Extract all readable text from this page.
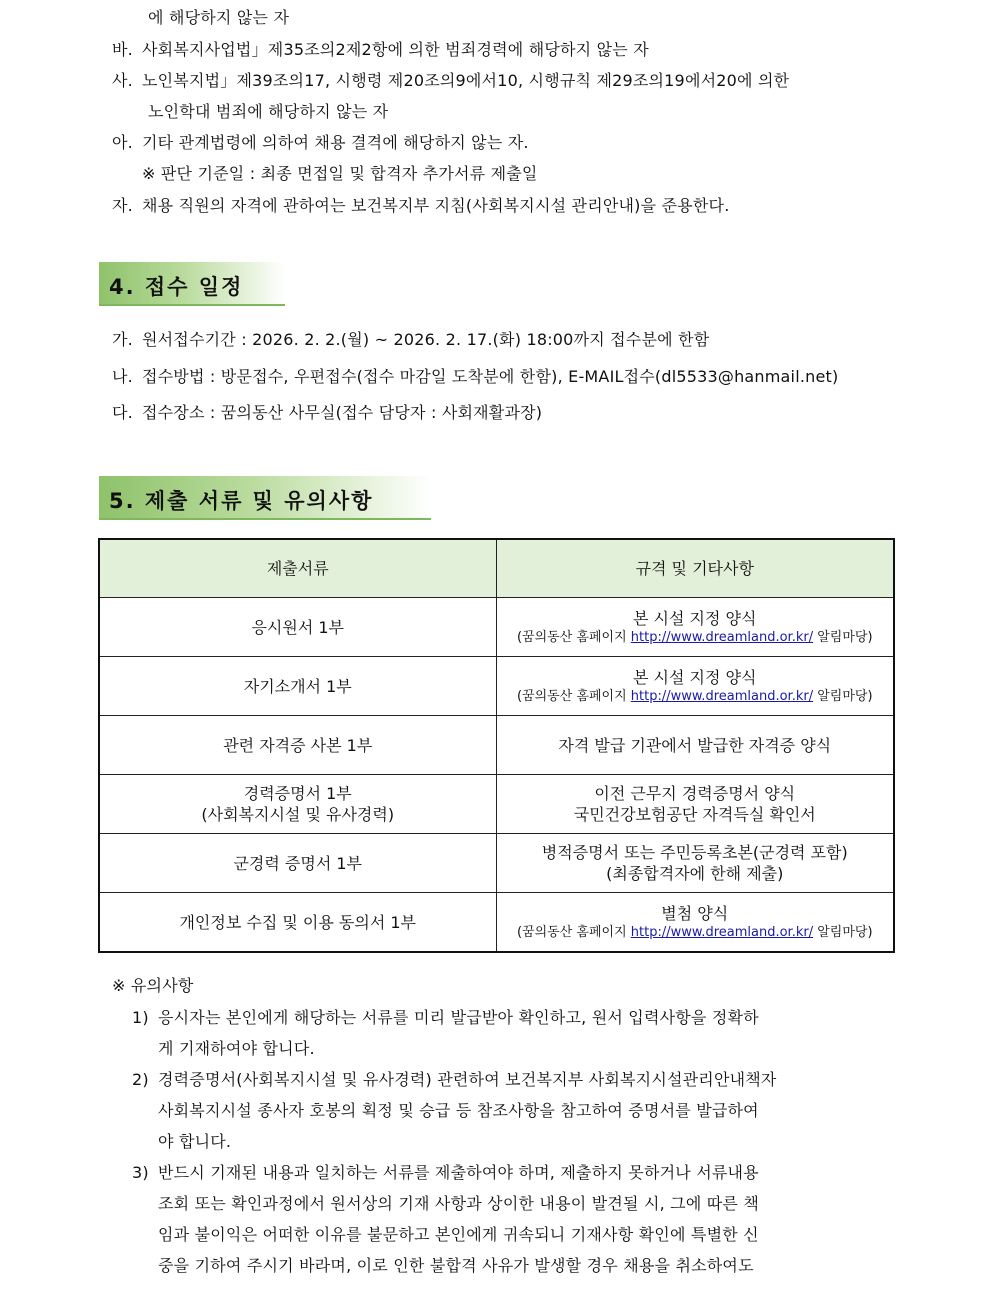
에 해당하지 않는 자
바. 사회복지사업법」제35조의2제2항에 의한 범죄경력에 해당하지 않는 자
사. 노인복지법」제39조의17, 시행령 제20조의9에서10, 시행규칙 제29조의19에서20에 의한
노인학대 범죄에 해당하지 않는 자
아. 기타 관계법령에 의하여 채용 결격에 해당하지 않는 자.
※ 판단 기준일 : 최종 면접일 및 합격자 추가서류 제출일
자. 채용 직원의 자격에 관하여는 보건복지부 지침(사회복지시설 관리안내)을 준용한다.
4. 접수 일정
가. 원서접수기간 : 2026. 2. 2.(월) ~ 2026. 2. 17.(화) 18:00까지 접수분에 한함
나. 접수방법 : 방문접수, 우편접수(접수 마감일 도착분에 한함), E-MAIL접수(dl5533@hanmail.net)
다. 접수장소 : 꿈의동산 사무실(접수 담당자 : 사회재활과장)
5. 제출 서류 및 유의사항
제출서류	규격 및 기타사항
응시원서 1부	본 시설 지정 양식
(꿈의동산 홈페이지 http://www.dreamland.or.kr/ 알림마당)

자기소개서 1부	본 시설 지정 양식
(꿈의동산 홈페이지 http://www.dreamland.or.kr/ 알림마당)

관련 자격증 사본 1부	자격 발급 기관에서 발급한 자격증 양식
경력증명서 1부
(사회복지시설 및 유사경력)	이전 근무지 경력증명서 양식
국민건강보험공단 자격득실 확인서
군경력 증명서 1부	병적증명서 또는 주민등록초본(군경력 포함)
(최종합격자에 한해 제출)
개인정보 수집 및 이용 동의서 1부	별첨 양식
(꿈의동산 홈페이지 http://www.dreamland.or.kr/ 알림마당)
※ 유의사항
1) 응시자는 본인에게 해당하는 서류를 미리 발급받아 확인하고, 원서 입력사항을 정확하
게 기재하여야 합니다.
2) 경력증명서(사회복지시설 및 유사경력) 관련하여 보건복지부 사회복지시설관리안내책자
사회복지시설 종사자 호봉의 획정 및 승급 등 참조사항을 참고하여 증명서를 발급하여
야 합니다.
3) 반드시 기재된 내용과 일치하는 서류를 제출하여야 하며, 제출하지 못하거나 서류내용
조회 또는 확인과정에서 원서상의 기재 사항과 상이한 내용이 발견될 시, 그에 따른 책
임과 불이익은 어떠한 이유를 불문하고 본인에게 귀속되니 기재사항 확인에 특별한 신
중을 기하여 주시기 바라며, 이로 인한 불합격 사유가 발생할 경우 채용을 취소하여도
